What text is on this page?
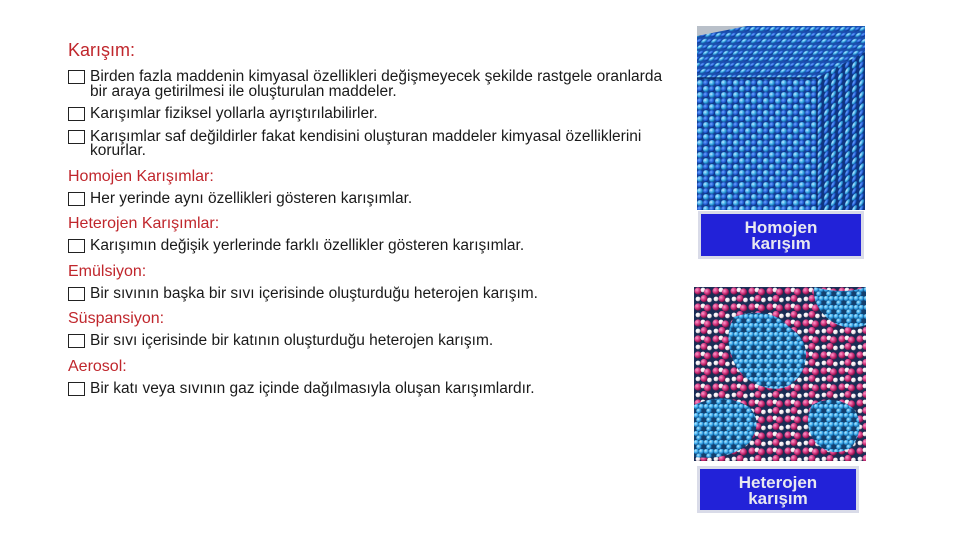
Karışım:
Birden fazla maddenin kimyasal özellikleri değişmeyecek şekilde rastgele oranlarda bir araya getirilmesi ile oluşturulan maddeler.
Karışımlar fiziksel yollarla ayrıştırılabilirler.
Karışımlar saf değildirler fakat kendisini oluşturan maddeler kimyasal özelliklerini korurlar.
Homojen Karışımlar:
Her yerinde aynı özellikleri gösteren karışımlar.
Heterojen Karışımlar:
Karışımın değişik yerlerinde farklı özellikler gösteren karışımlar.
Emülsiyon:
Bir sıvının başka bir sıvı içerisinde oluşturduğu heterojen karışım.
Süspansiyon:
Bir sıvı içerisinde bir katının oluşturduğu heterojen karışım.
Aerosol:
Bir katı veya sıvının gaz içinde dağılmasıyla oluşan karışımlardır.
Homojen
karışım
Heterojen
karışım
